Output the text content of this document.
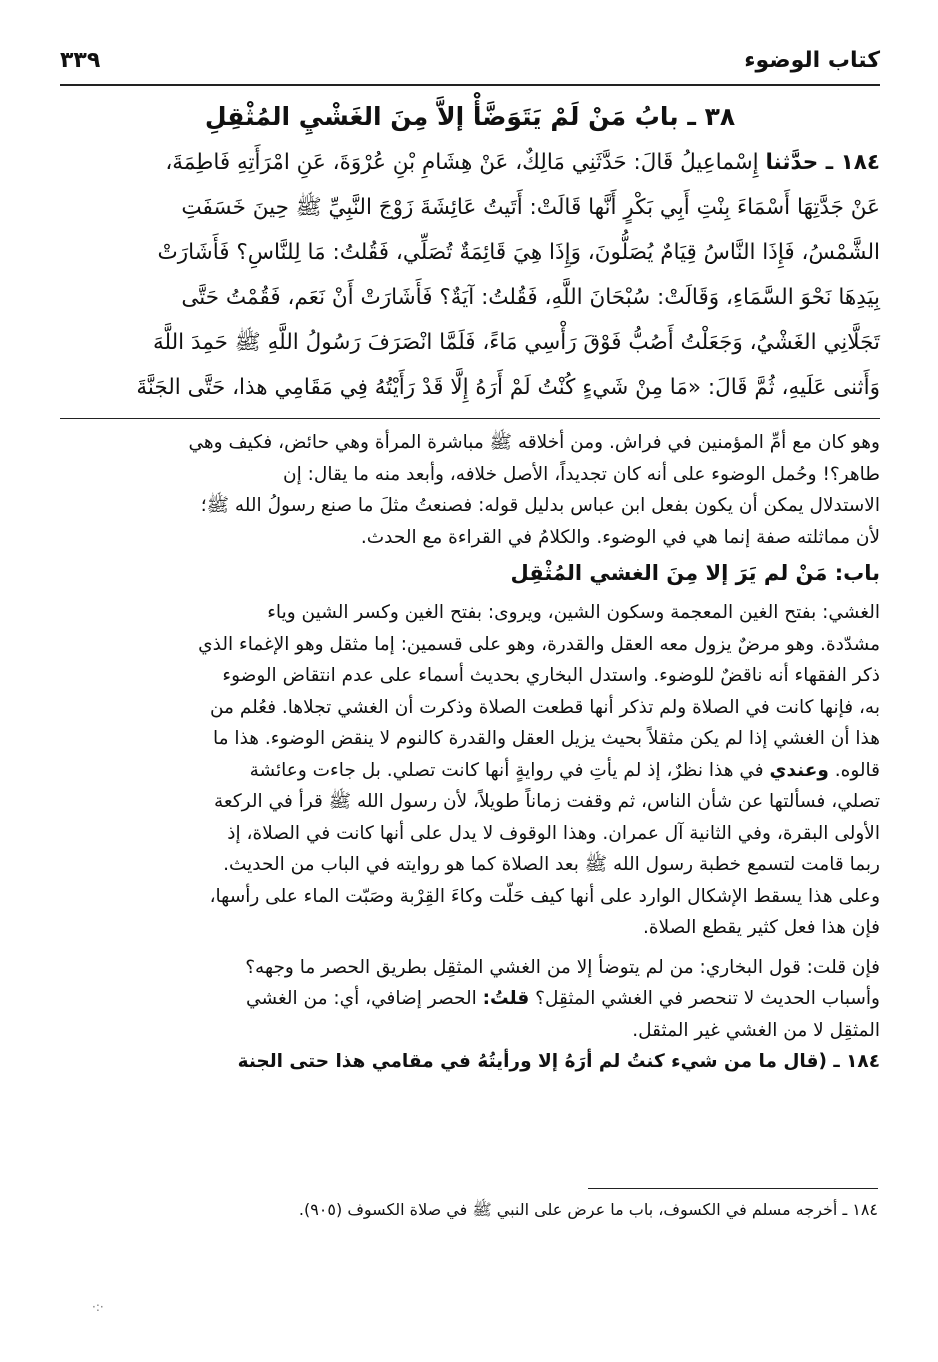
كتاب الوضوء
٣٣٩
٣٨ ـ بابُ مَنْ لَمْ يَتَوَضَّأْ إلاَّ مِنَ الغَشْيِ المُثْقِلِ

١٨٤ ـ حدَّثنا إِسْماعِيلُ قَالَ: حَدَّثَنِي مَالِكٌ، عَنْ هِشَامِ بْنِ عُرْوَةَ، عَنِ امْرَأَتِهِ فَاطِمَةَ،

عَنْ جَدَّتِهَا أَسْمَاءَ بِنْتِ أَبِي بَكْرٍ أَنَّها قَالَتْ: أَتَيتُ عَائِشَةَ زَوْجَ النَّبِيِّ ﷺ حِينَ خَسَفَتِ

الشَّمْسُ، فَإِذَا النَّاسُ قِيَامٌ يُصَلُّونَ، وَإِذَا هِيَ قَائِمَةٌ تُصَلِّي، فَقُلتُ: مَا لِلنَّاسِ؟ فَأَشَارَتْ

بِيَدِهَا نَحْوَ السَّمَاءِ، وَقَالَتْ: سُبْحَانَ اللَّهِ، فَقُلتُ: آيَةٌ؟ فَأَشَارَتْ أَنْ نَعَم، فَقُمْتُ حَتَّى

تَجَلَّانِي الغَشْيُ، وَجَعَلْتُ أَصُبُّ فَوْقَ رَأْسِي مَاءً، فَلَمَّا انْصَرَفَ رَسُولُ اللَّهِ ﷺ حَمِدَ اللَّهَ

وَأَثنى عَلَيهِ، ثُمَّ قَالَ: «مَا مِنْ شَيءٍ كُنْتُ لَمْ أَرَهُ إِلَّا قَدْ رَأَيْتُهُ فِي مَقَامِي هذا، حَتَّى الجَنَّةَ

وهو كان مع أمِّ المؤمنين في فراش. ومن أخلاقه ﷺ مباشرة المرأة وهي حائض، فكيف وهي

طاهر؟! وحُمل الوضوء على أنه كان تجديداً، الأصل خلافه، وأبعد منه ما يقال: إن

الاستدلال يمكن أن يكون بفعل ابن عباس بدليل قوله: فصنعتُ مثلَ ما صنع رسولُ الله ﷺ؛

لأن مماثلته صفة إنما هي في الوضوء. والكلامُ في القراءة مع الحدث.

باب: مَنْ لم يَرَ إلا مِنَ الغشي المُثْقِل

الغشي: بفتح الغين المعجمة وسكون الشين، ويروى: بفتح الغين وكسر الشين وياء

مشدّدة. وهو مرضٌ يزول معه العقل والقدرة، وهو على قسمين: إما مثقل وهو الإغماء الذي

ذكر الفقهاء أنه ناقضٌ للوضوء. واستدل البخاري بحديث أسماء على عدم انتقاض الوضوء

به، فإنها كانت في الصلاة ولم تذكر أنها قطعت الصلاة وذكرت أن الغشي تجلاها. فعُلم من

هذا أن الغشي إذا لم يكن مثقلاً بحيث يزيل العقل والقدرة كالنوم لا ينقض الوضوء. هذا ما

قالوه. وعندي في هذا نظرٌ، إذ لم يأتِ في روايةٍ أنها كانت تصلي. بل جاءت وعائشة

تصلي، فسألتها عن شأن الناس، ثم وقفت زماناً طويلاً، لأن رسول الله ﷺ قرأ في الركعة

الأولى البقرة، وفي الثانية آل عمران. وهذا الوقوف لا يدل على أنها كانت في الصلاة، إذ

ربما قامت لتسمع خطبة رسول الله ﷺ بعد الصلاة كما هو روايته في الباب من الحديث.

وعلى هذا يسقط الإشكال الوارد على أنها كيف حَلّت وكاءَ القِرْبة وصَبّت الماء على رأسها،

فإن هذا فعل كثير يقطع الصلاة.

فإن قلت: قول البخاري: من لم يتوضأ إلا من الغشي المثقِل بطريق الحصر ما وجهه؟

وأسباب الحديث لا تنحصر في الغشي المثقِل؟ قلتُ: الحصر إضافي، أي: من الغشي

المثقِل لا من الغشي غير المثقل.

١٨٤ ـ (قال ما من شيء كنتُ لم أرَهُ إلا ورأيتُهُ في مقامي هذا حتى الجنة

١٨٤ ـ أخرجه مسلم في الكسوف، باب ما عرض على النبي ﷺ في صلاة الكسوف (٩٠٥).
·:·
